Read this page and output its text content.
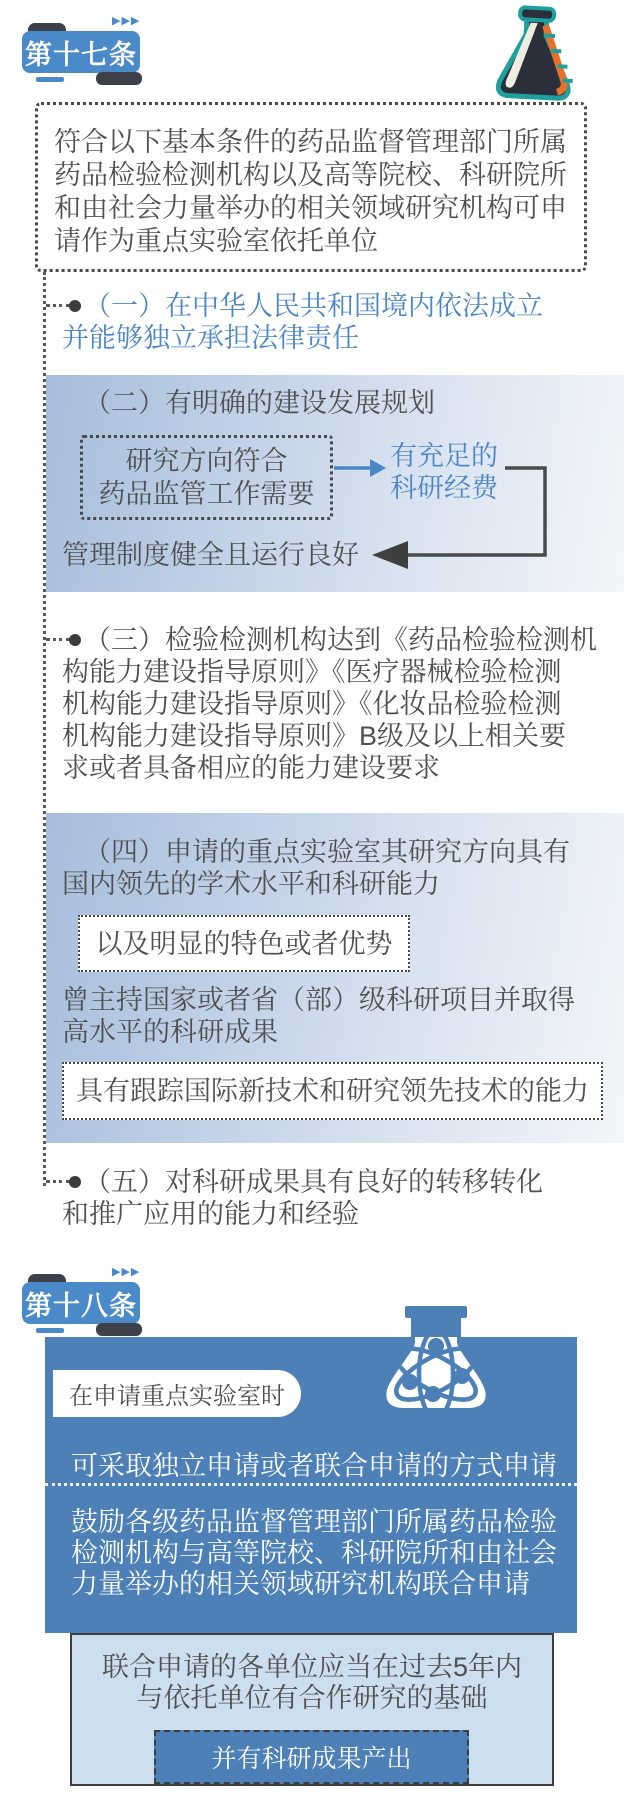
▶▶▶
第十七条
符合以下基本条件的药品监督管理部门所属
药品检验检测机构以及高等院校、科研院所
和由社会力量举办的相关领域研究机构可申
请作为重点实验室依托单位
（一）在中华人民共和国境内依法成立
并能够独立承担法律责任
（二）有明确的建设发展规划
研究方向符合
药品监管工作需要
有充足的
科研经费
管理制度健全且运行良好
（三）检验检测机构达到《药品检验检测机
构能力建设指导原则》《医疗器械检验检测
机构能力建设指导原则》《化妆品检验检测
机构能力建设指导原则》B级及以上相关要
求或者具备相应的能力建设要求
（四）申请的重点实验室其研究方向具有
国内领先的学术水平和科研能力
以及明显的特色或者优势
曾主持国家或者省（部）级科研项目并取得
高水平的科研成果
具有跟踪国际新技术和研究领先技术的能力
（五）对科研成果具有良好的转移转化
和推广应用的能力和经验
▶▶▶
第十八条
在申请重点实验室时
可采取独立申请或者联合申请的方式申请
鼓励各级药品监督管理部门所属药品检验
检测机构与高等院校、科研院所和由社会
力量举办的相关领域研究机构联合申请
联合申请的各单位应当在过去5年内
与依托单位有合作研究的基础
并有科研成果产出
